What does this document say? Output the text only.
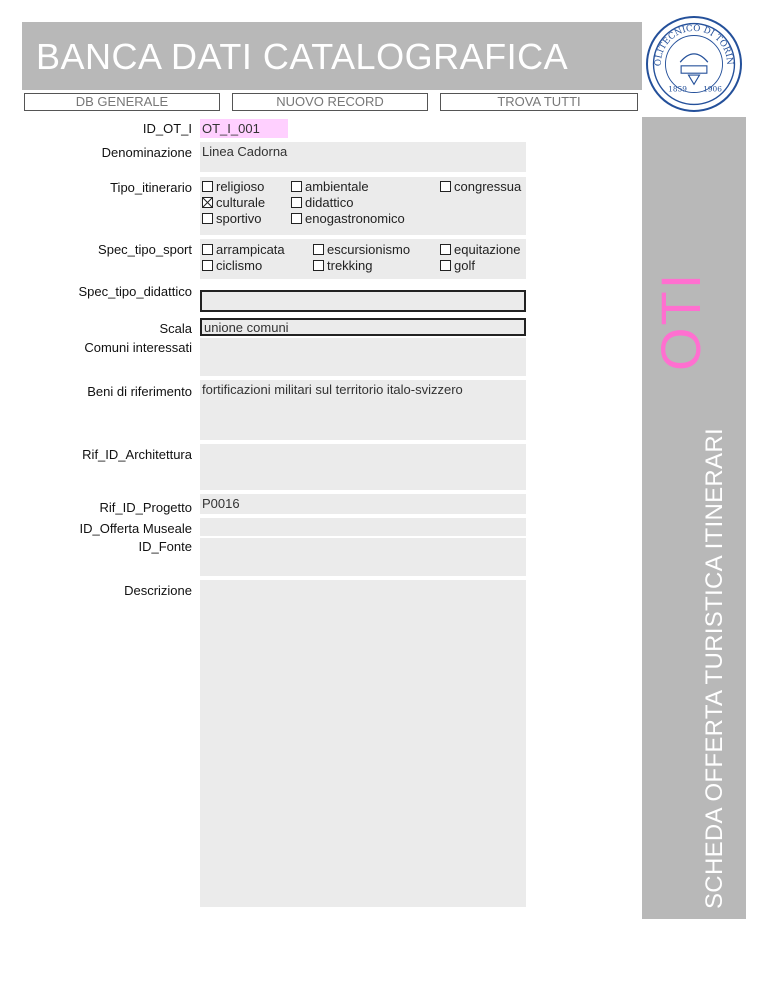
BANCA DATI CATALOGRAFICA	OLITECNICO DI TORIN
1859 1906
DB GENERALE	NUOVO RECORD	TROVA TUTTI
SCHEDA OFFERTA TURISTICA ITINERARI
OTI
ID_OT_I OT_I_001
Denominazione Linea Cadorna
Tipo_itinerario religioso	ambientale	congressua
culturale	didattico
sportivo	enogastronomico
Spec_tipo_sport arrampicata	escursionismo	equitazione
ciclismo	trekking	golf
Spec_tipo_didattico
Scala unione comuni
Comuni interessati
Beni di riferimento fortificazioni militari sul territorio italo-svizzero
Rif_ID_Architettura
Rif_ID_Progetto P0016
ID_Offerta Museale
ID_Fonte
Descrizione
